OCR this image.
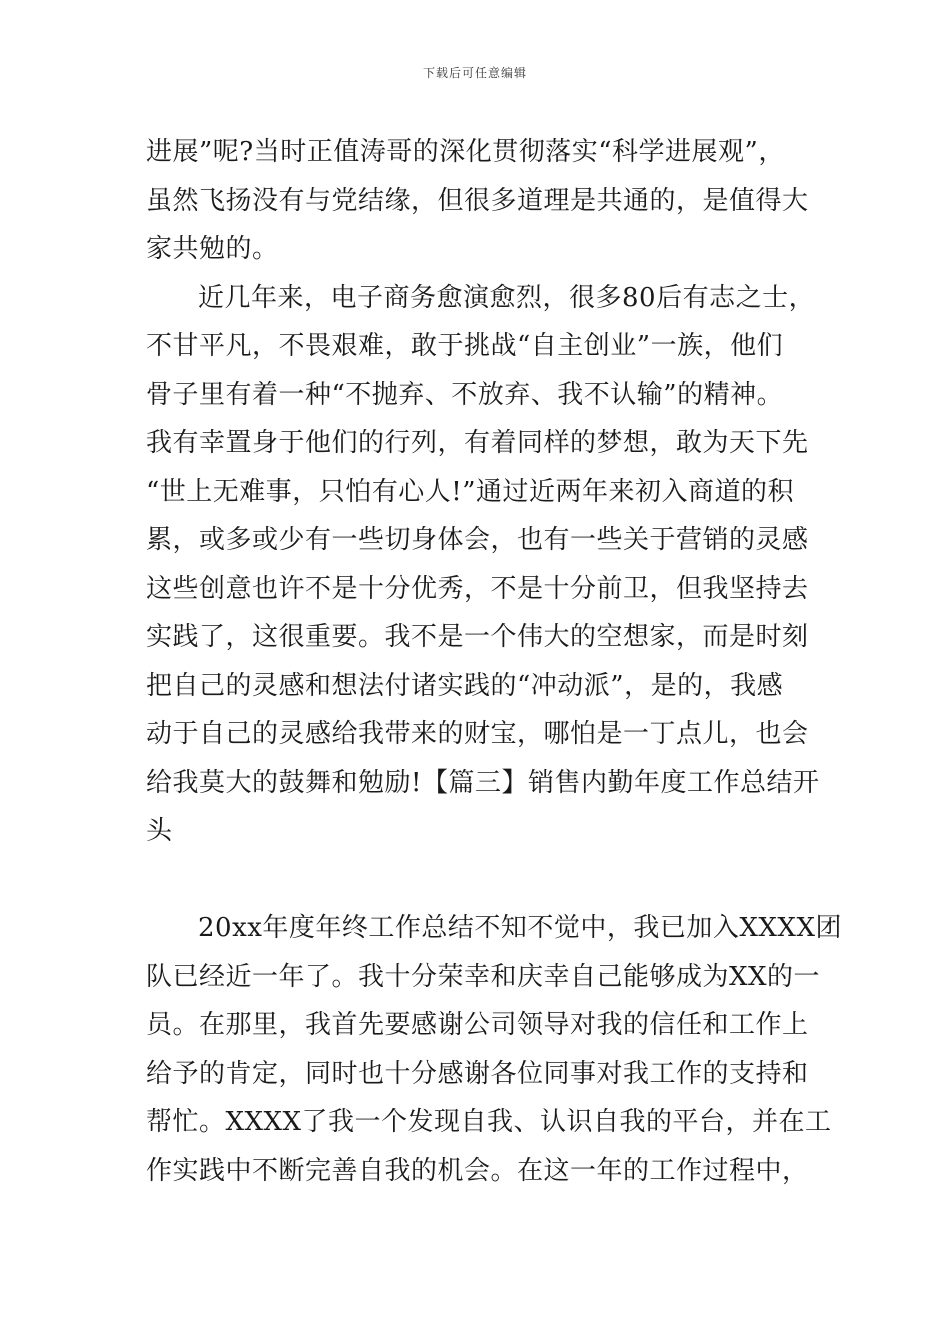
下载后可任意编辑
进展”呢?当时正值涛哥的深化贯彻落实“科学进展观”，
虽然飞扬没有与党结缘，但很多道理是共通的，是值得大
家共勉的。
近几年来，电子商务愈演愈烈，很多80后有志之士，
不甘平凡，不畏艰难，敢于挑战“自主创业”一族，他们
骨子里有着一种“不抛弃、不放弃、我不认输”的精神。
我有幸置身于他们的行列，有着同样的梦想，敢为天下先
“世上无难事，只怕有心人!”通过近两年来初入商道的积
累，或多或少有一些切身体会，也有一些关于营销的灵感
这些创意也许不是十分优秀，不是十分前卫，但我坚持去
实践了，这很重要。我不是一个伟大的空想家，而是时刻
把自己的灵感和想法付诸实践的“冲动派”，是的，我感
动于自己的灵感给我带来的财宝，哪怕是一丁点儿，也会
给我莫大的鼓舞和勉励!【篇三】销售内勤年度工作总结开
头
20xx年度年终工作总结不知不觉中，我已加入XXXX团
队已经近一年了。我十分荣幸和庆幸自己能够成为XX的一
员。在那里，我首先要感谢公司领导对我的信任和工作上
给予的肯定，同时也十分感谢各位同事对我工作的支持和
帮忙。XXXX了我一个发现自我、认识自我的平台，并在工
作实践中不断完善自我的机会。在这一年的工作过程中，
